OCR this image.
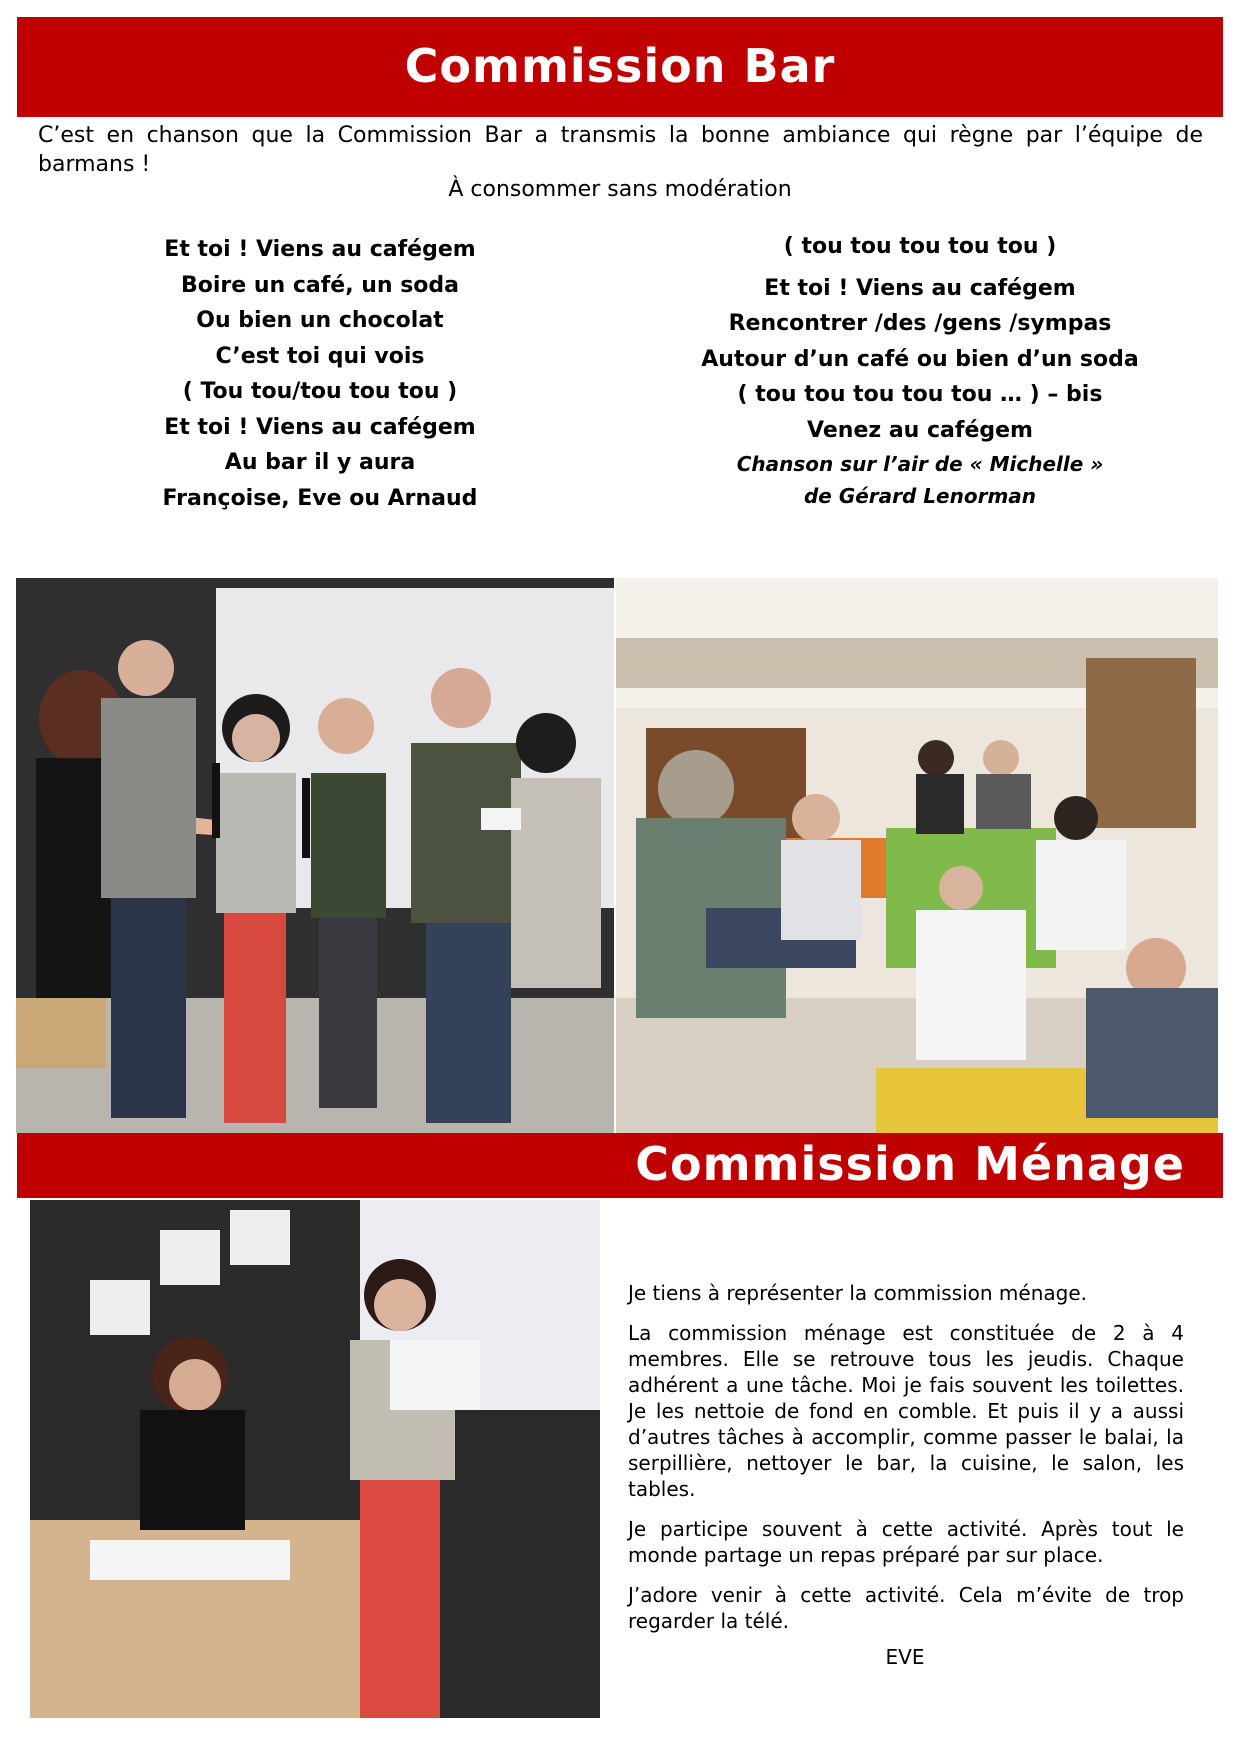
Commission Bar
C’est en chanson que la Commission Bar a transmis la bonne ambiance qui règne par l’équipe de barmans !
À consommer sans modération
Et toi ! Viens au cafégem
Boire un café, un soda
Ou bien un chocolat
C’est toi qui vois
( Tou tou/tou tou tou )
Et toi ! Viens au cafégem
Au bar il y aura
Françoise, Eve ou Arnaud
( tou tou tou tou tou )
Et toi ! Viens au cafégem
Rencontrer /des /gens /sympas
Autour d’un café ou bien d’un soda
( tou tou tou tou tou … ) – bis
Venez au cafégem
Chanson sur l’air de « Michelle »
de Gérard Lenorman
Commission Ménage

Je tiens à représenter la commission ménage.

La commission ménage est constituée de 2 à 4 membres. Elle se retrouve tous les jeudis. Chaque adhérent a une tâche. Moi je fais souvent les toilettes. Je les nettoie de fond en comble. Et puis il y a aussi d’autres tâches à accomplir, comme passer le balai, la serpillière, nettoyer le bar, la cuisine, le salon, les tables.

Je participe souvent à cette activité. Après tout le monde partage un repas préparé par sur place.

J’adore venir à cette activité. Cela m’évite de trop regarder la télé.

EVE
